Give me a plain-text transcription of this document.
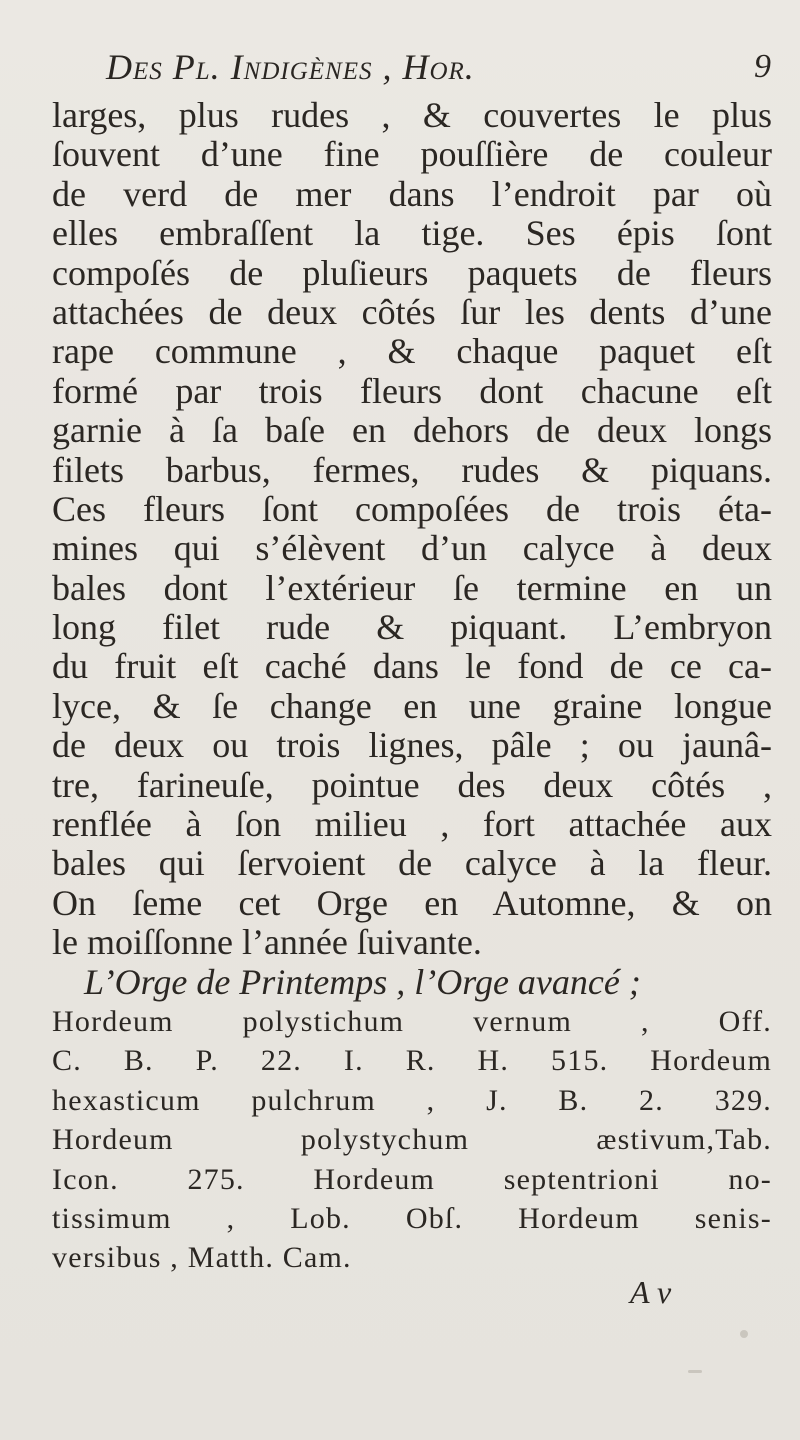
Des Pl. Indigènes , Hor.	9
larges, plus rudes , & couvertes le plus
ſouvent d’une fine pouſſière de couleur
de verd de mer dans l’endroit par où
elles embraſſent la tige. Ses épis ſont
compoſés de pluſieurs paquets de fleurs
attachées de deux côtés ſur les dents d’une
rape commune , & chaque paquet eſt
formé par trois fleurs dont chacune eſt
garnie à ſa baſe en dehors de deux longs
filets barbus, fermes, rudes & piquans.
Ces fleurs ſont compoſées de trois éta-
mines qui s’élèvent d’un calyce à deux
bales dont l’extérieur ſe termine en un
long filet rude & piquant. L’embryon
du fruit eſt caché dans le fond de ce ca-
lyce, & ſe change en une graine longue
de deux ou trois lignes, pâle ; ou jaunâ-
tre, farineuſe, pointue des deux côtés ,
renflée à ſon milieu , fort attachée aux
bales qui ſervoient de calyce à la fleur.
On ſeme cet Orge en Automne, & on
le moiſſonne l’année ſuivante.
L’Orge de Printemps , l’Orge avancé ;
Hordeum polystichum vernum , Off.
C. B. P. 22. I. R. H. 515. Hordeum
hexasticum pulchrum , J. B. 2. 329.
Hordeum polystychum æstivum,Tab.
Icon. 275. Hordeum septentrioni no-
tissimum , Lob. Obſ. Hordeum senis-
versibus , Matth. Cam.
A v
